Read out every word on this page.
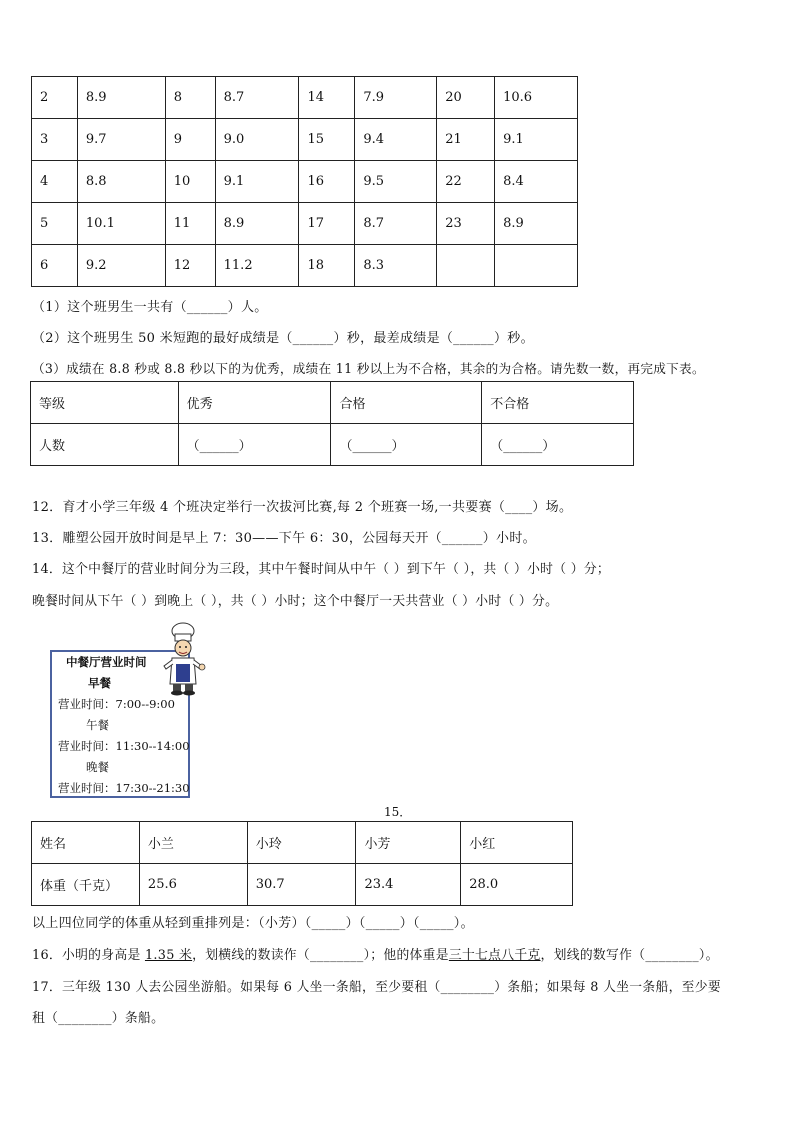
2	8.9	8	8.7	14	7.9	20	10.6
3	9.7	9	9.0	15	9.4	21	9.1
4	8.8	10	9.1	16	9.5	22	8.4
5	10.1	11	8.9	17	8.7	23	8.9
6	9.2	12	11.2	18	8.3		
（1）这个班男生一共有（______）人。
（2）这个班男生 50 米短跑的最好成绩是（______）秒，最差成绩是（______）秒。
（3）成绩在 8.8 秒或 8.8 秒以下的为优秀，成绩在 11 秒以上为不合格，其余的为合格。请先数一数，再完成下表。
等级	优秀	合格	不合格
人数	（______）	（______）	（______）
12．育才小学三年级 4 个班决定举行一次拔河比赛,每 2 个班赛一场,一共要赛（____）场。
13．雕塑公园开放时间是早上 7：30——下午 6：30，公园每天开（______）小时。
14．这个中餐厅的营业时间分为三段，其中午餐时间从中午（ ）到下午（ ），共（ ）小时（ ）分；
晚餐时间从下午（ ）到晚上（ ），共（ ）小时；这个中餐厅一天共营业（ ）小时（ ）分。
中餐厅营业时间
早餐
营业时间：7:00--9:00
午餐
营业时间：11:30--14:00
晚餐
营业时间：17:30--21:30
15．
姓名	小兰	小玲	小芳	小红
体重（千克）	25.6	30.7	23.4	28.0
以上四位同学的体重从轻到重排列是：（小芳）（_____）（_____）（_____）。
16．小明的身高是 1.35 米，划横线的数读作（________）；他的体重是三十七点八千克，划线的数写作（________）。
17．三年级 130 人去公园坐游船。如果每 6 人坐一条船，至少要租（________）条船；如果每 8 人坐一条船，至少要
租（________）条船。
